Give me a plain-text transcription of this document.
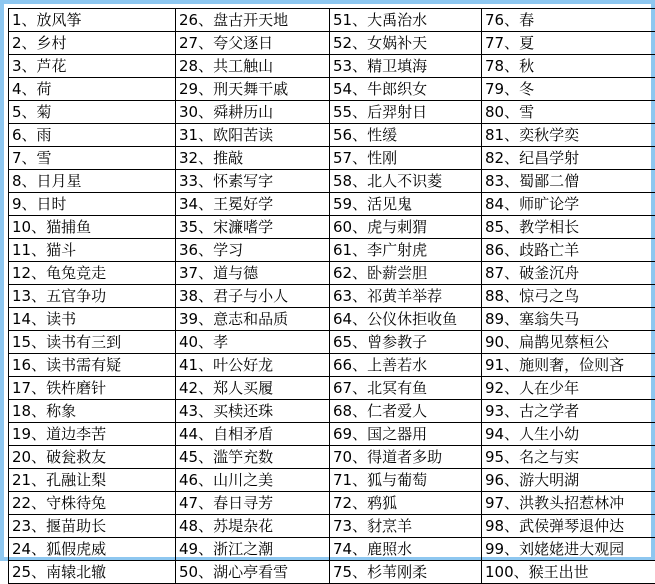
1、放风筝	26、盘古开天地	51、大禹治水	76、春
2、乡村	27、夸父逐日	52、女娲补天	77、夏
3、芦花	28、共工触山	53、精卫填海	78、秋
4、荷	29、刑天舞干戚	54、牛郎织女	79、冬
5、菊	30、舜耕历山	55、后羿射日	80、雪
6、雨	31、欧阳苦读	56、性缓	81、奕秋学奕
7、雪	32、推敲	57、性刚	82、纪昌学射
8、日月星	33、怀素写字	58、北人不识菱	83、蜀鄙二僧
9、日时	34、王冕好学	59、活见鬼	84、师旷论学
10、猫捕鱼	35、宋濂嗜学	60、虎与刺猬	85、教学相长
11、猫斗	36、学习	61、李广射虎	86、歧路亡羊
12、龟兔竞走	37、道与德	62、卧薪尝胆	87、破釜沉舟
13、五官争功	38、君子与小人	63、祁黄羊举荐	88、惊弓之鸟
14、读书	39、意志和品质	64、公仪休拒收鱼	89、塞翁失马
15、读书有三到	40、孝	65、曾参教子	90、扁鹊见蔡桓公
16、读书需有疑	41、叶公好龙	66、上善若水	91、施则奢，俭则吝
17、铁杵磨针	42、郑人买履	67、北冥有鱼	92、人在少年
18、称象	43、买椟还珠	68、仁者爱人	93、古之学者
19、道边李苦	44、自相矛盾	69、国之器用	94、人生小幼
20、破瓮救友	45、滥竽充数	70、得道者多助	95、名之与实
21、孔融让梨	46、山川之美	71、狐与葡萄	96、游大明湖
22、守株待兔	47、春日寻芳	72、鸦狐	97、洪教头招惹林冲
23、揠苗助长	48、苏堤杂花	73、豺烹羊	98、武侯弹琴退仲达
24、狐假虎威	49、浙江之潮	74、鹿照水	99、刘姥姥进大观园
25、南辕北辙	50、湖心亭看雪	75、杉苇刚柔	100、猴王出世
